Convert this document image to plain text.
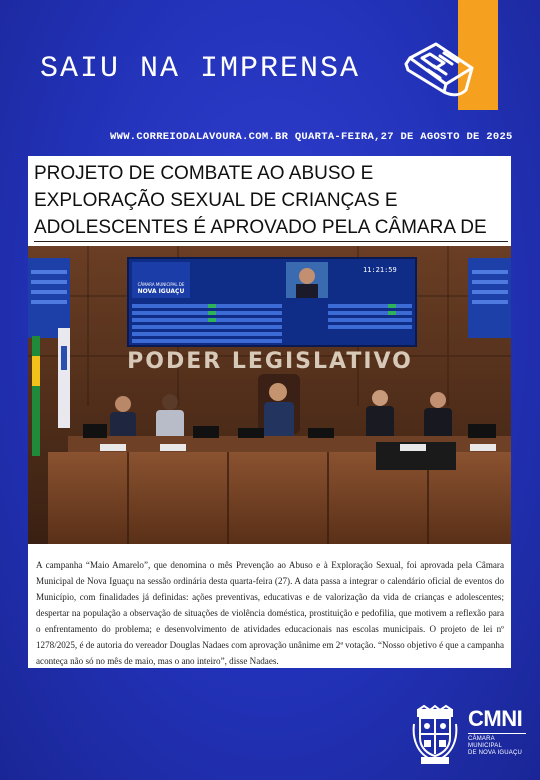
SAIU NA IMPRENSA
WWW.CORREIODALAVOURA.COM.BR QUARTA-FEIRA,27 DE AGOSTO DE 2025
PROJETO DE COMBATE AO ABUSO E EXPLORAÇÃO SEXUAL DE CRIANÇAS E ADOLESCENTES É APROVADO PELA CÂMARA DE
CÂMARA MUNICIPAL DE
NOVA IGUAÇU
11:21:59
PODER LEGISLATIVO

A campanha “Maio Amarelo”, que denomina o mês Prevenção ao Abuso e à Exploração Sexual, foi aprovada pela Câmara Municipal de Nova Iguaçu na sessão ordinária desta quarta-feira (27). A data passa a integrar o calendário oficial de eventos do Município, com finalidades já definidas: ações preventivas, educativas e de valorização da vida de crianças e adolescentes; despertar na população a observação de situações de violência doméstica, prostituição e pedofilia, que motivem a reflexão para o enfrentamento do problema; e desenvolvimento de atividades educacionais nas escolas municipais. O projeto de lei nº 1278/2025, é de autoria do vereador Douglas Nadaes com aprovação unânime em 2ª votação. “Nosso objetivo é que a campanha aconteça não só no mês de maio, mas o ano inteiro”, disse Nadaes.

CMNI
CÂMARA MUNICIPAL
DE NOVA IGUAÇU
